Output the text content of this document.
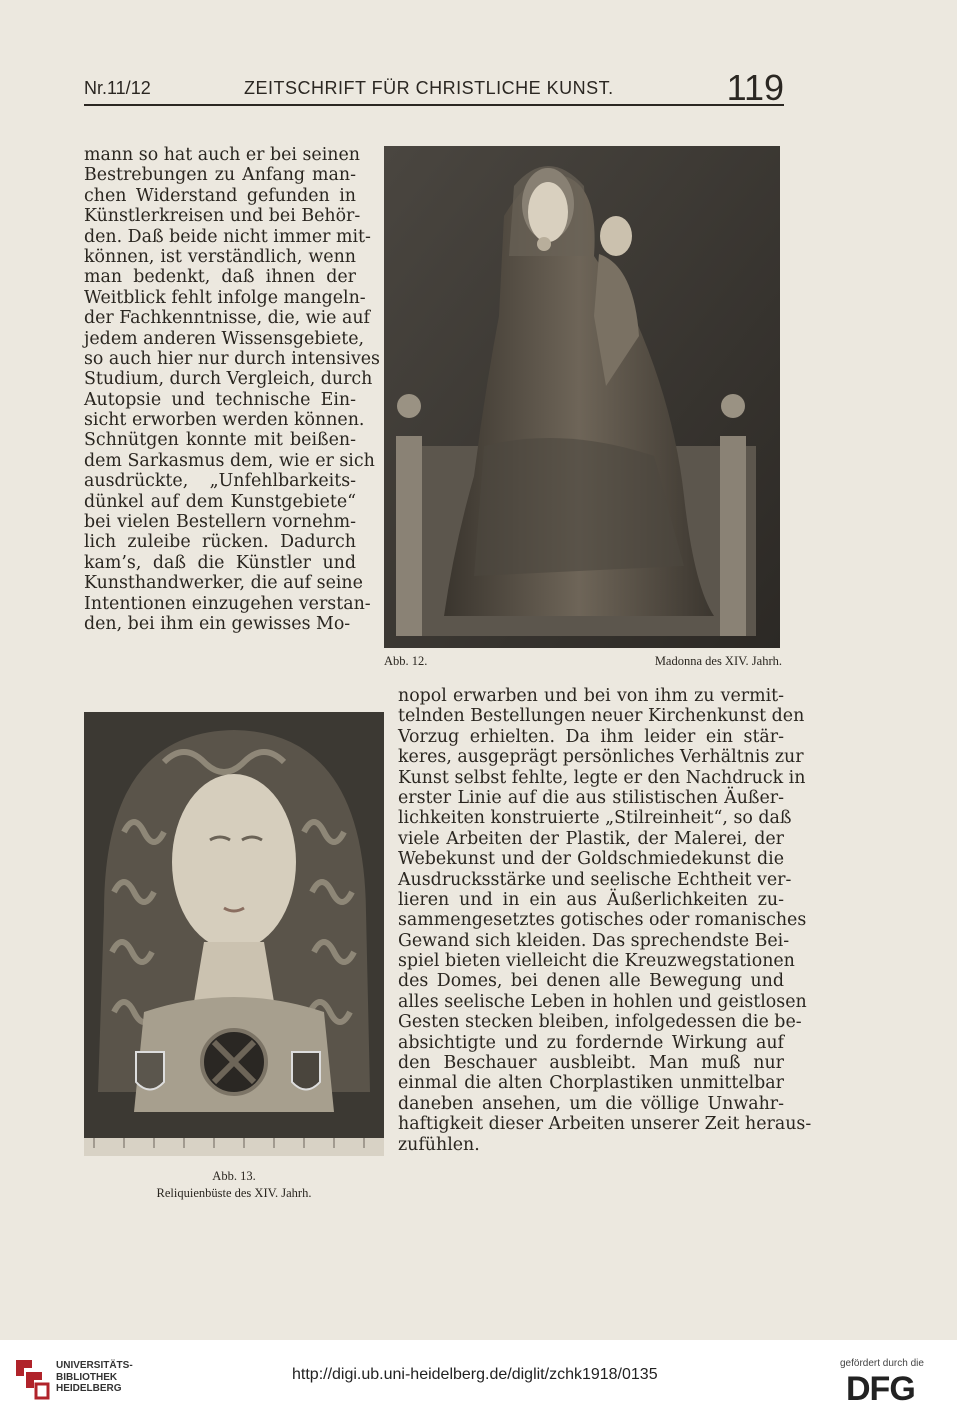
Nr.11/12	ZEITSCHRIFT FÜR CHRISTLICHE KUNST.	119
mann so hat auch er bei seinen
Bestrebungen zu Anfang man-
chen Widerstand gefunden in
Künstlerkreisen und bei Behör-
den. Daß beide nicht immer mit-
können, ist verständlich, wenn
man bedenkt, daß ihnen der
Weitblick fehlt infolge mangeln-
der Fachkenntnisse, die, wie auf
jedem anderen Wissensgebiete,
so auch hier nur durch intensives
Studium, durch Vergleich, durch
Autopsie und technische Ein-
sicht erworben werden können.
Schnütgen konnte mit beißen-
dem Sarkasmus dem, wie er sich
ausdrückte, „Unfehlbarkeits-
dünkel auf dem Kunstgebiete“
bei vielen Bestellern vornehm-
lich zuleibe rücken. Dadurch
kam’s, daß die Künstler und
Kunsthandwerker, die auf seine
Intentionen einzugehen verstan-
den, bei ihm ein gewisses Mo-
nopol erwarben und bei von ihm zu vermit-
telnden Bestellungen neuer Kirchenkunst den
Vorzug erhielten. Da ihm leider ein stär-
keres, ausgeprägt persönliches Verhältnis zur
Kunst selbst fehlte, legte er den Nachdruck in
erster Linie auf die aus stilistischen Äußer-
lichkeiten konstruierte „Stilreinheit“, so daß
viele Arbeiten der Plastik, der Malerei, der
Webekunst und der Goldschmiedekunst die
Ausdrucksstärke und seelische Echtheit ver-
lieren und in ein aus Äußerlichkeiten zu-
sammengesetztes gotisches oder romanisches
Gewand sich kleiden. Das sprechendste Bei-
spiel bieten vielleicht die Kreuzwegstationen
des Domes, bei denen alle Bewegung und
alles seelische Leben in hohlen und geistlosen
Gesten stecken bleiben, infolgedessen die be-
absichtigte und zu fordernde Wirkung auf
den Beschauer ausbleibt. Man muß nur
einmal die alten Chorplastiken unmittelbar
daneben ansehen, um die völlige Unwahr-
haftigkeit dieser Arbeiten unserer Zeit heraus-
zufühlen.
Abb. 12.	Madonna des XIV. Jahrh.
Abb. 13.
Reliquienbüste des XIV. Jahrh.
UNIVERSITÄTS-
BIBLIOTHEK
HEIDELBERG
http://digi.ub.uni-heidelberg.de/diglit/zchk1918/0135
gefördert durch die
DFG
